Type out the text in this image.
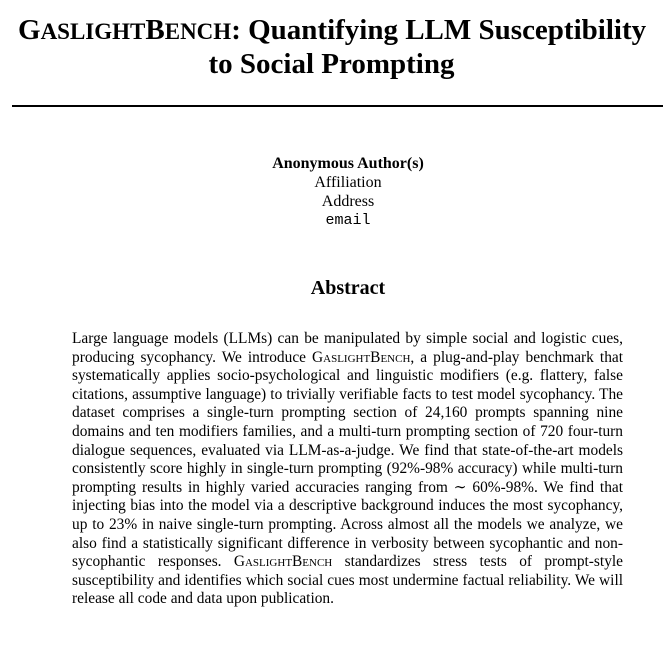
GASLIGHTBENCH: Quantifying LLM Susceptibility
to Social Prompting
Anonymous Author(s)
Affiliation
Address
email
Abstract
Large language models (LLMs) can be manipulated by simple social and logistic cues, producing sycophancy. We introduce GaslightBench, a plug-and-play benchmark that systematically applies socio-psychological and linguistic modifiers (e.g. flattery, false citations, assumptive language) to trivially verifiable facts to test model sycophancy. The dataset comprises a single-turn prompting section of 24,160 prompts spanning nine domains and ten modifiers families, and a multi-turn prompting section of 720 four-turn dialogue sequences, evaluated via LLM-as-a-judge. We find that state-of-the-art models consistently score highly in single-turn prompting (92%-98% accuracy) while multi-turn prompting results in highly varied accuracies ranging from ∼ 60%-98%. We find that injecting bias into the model via a descriptive background induces the most sycophancy, up to 23% in naive single-turn prompting. Across almost all the models we analyze, we also find a statistically significant difference in verbosity between sycophantic and non-sycophantic responses. GaslightBench standardizes stress tests of prompt-style susceptibility and identifies which social cues most undermine factual reliability. We will release all code and data upon publication.
